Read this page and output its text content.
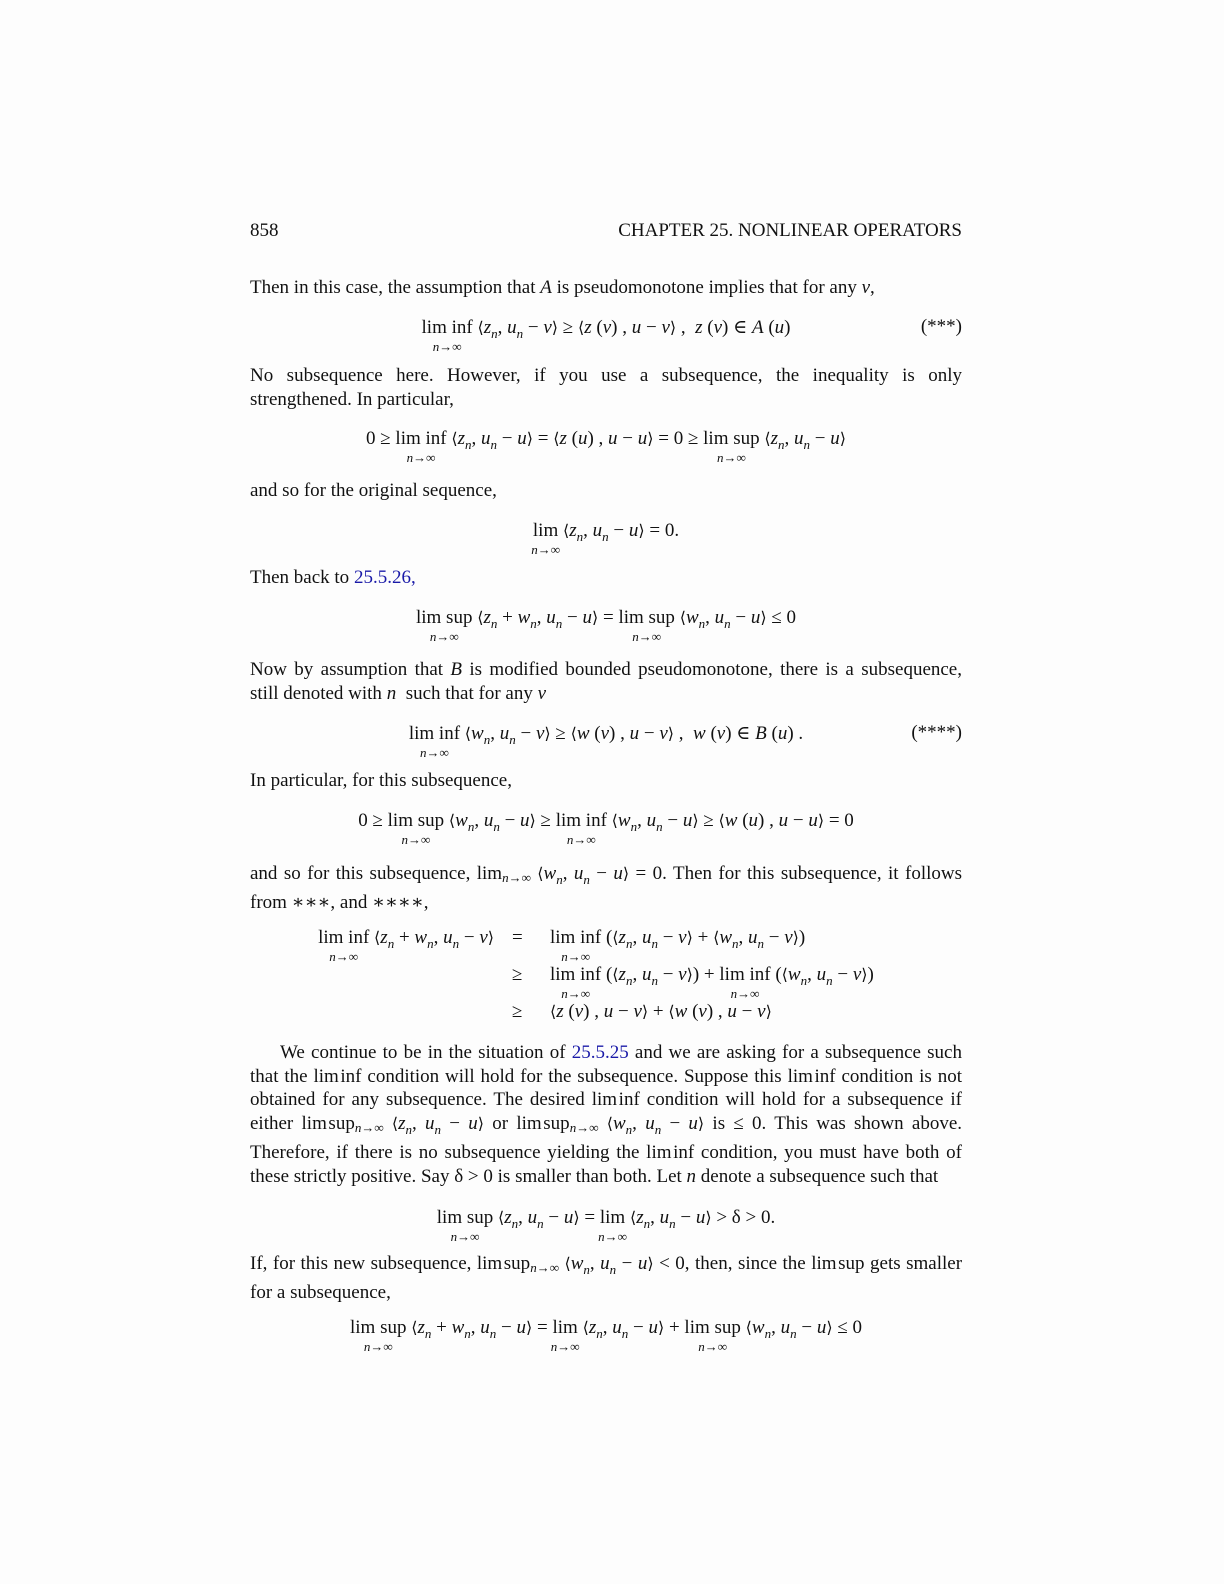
858	CHAPTER 25. NONLINEAR OPERATORS
Then in this case, the assumption that A is pseudomonotone implies that for any v,
lim inf
n→∞
$⟨z_n$, $u_n$ − v⟩ ≥ ⟨z (v) , u − v⟩ ,  z (v) ∈ A (u)	(***)
No subsequence here. However, if you use a subsequence, the inequality is only strengthened. In particular,
0 ≥ lim inf
n→∞
$⟨z_n$, $u_n$ − u⟩ = ⟨z (u) , u − u⟩ = 0 ≥ lim sup
n→∞
$⟨z_n$, $u_n$ − u⟩
and so for the original sequence,
lim
n→∞
$⟨z_n$, $u_n$ − u⟩ = 0.
Then back to 25.5.26,
lim sup
n→∞
$⟨z_n + w_n$, $u_n$ − u⟩ = lim sup
n→∞
$⟨w_n$, $u_n$ − u⟩ ≤ 0
Now by assumption that B is modified bounded pseudomonotone, there is a subsequence, still denoted with n  such that for any v
lim inf
n→∞
$⟨w_n$, $u_n$ − v⟩ ≥ ⟨w (v) , u − v⟩ ,  w (v) ∈ B (u) .	(****)
In particular, for this subsequence,
0 ≥ lim sup
n→∞
$⟨w_n$, $u_n$ − u⟩ ≥ lim inf
n→∞
$⟨w_n$, $u_n$ − u⟩ ≥ ⟨w (u) , u − u⟩ = 0
and so for this subsequence, limn→∞ $⟨w_n$, $u_n$ − u⟩ = 0. Then for this subsequence, it follows from ∗∗∗, and ∗∗∗∗,
lim inf
n→∞
$⟨z_n + w_n$, $u_n$ − v⟩ = lim inf
n→∞
($⟨z_n$, $u_n$ − v⟩ + $⟨w_n$, $u_n$ − v⟩)
≥ lim inf
n→∞
($⟨z_n$, $u_n$ − v⟩) + lim inf
n→∞
($⟨w_n$, $u_n$ − v⟩)
≥ ⟨z (v) , u − v⟩ + ⟨w (v) , u − v⟩
We continue to be in the situation of 25.5.25 and we are asking for a subsequence such that the lim inf condition will hold for the subsequence. Suppose this lim inf condition is not obtained for any subsequence. The desired lim inf condition will hold for a subsequence if either lim supn→∞ $⟨z_n$, $u_n$ − u⟩ or lim supn→∞ $⟨w_n$, $u_n$ − u⟩ is ≤ 0. This was shown above. Therefore, if there is no subsequence yielding the lim inf condition, you must have both of these strictly positive. Say δ > 0 is smaller than both. Let n denote a subsequence such that
lim sup
n→∞
$⟨z_n$, $u_n$ − u⟩ = lim
n→∞
$⟨z_n$, $u_n$ − u⟩ > δ > 0.
If, for this new subsequence, lim supn→∞ $⟨w_n$, $u_n$ − u⟩ < 0, then, since the lim sup gets smaller for a subsequence,
lim sup
n→∞
$⟨z_n + w_n$, $u_n$ − u⟩ = lim
n→∞
$⟨z_n$, $u_n$ − u⟩ + lim sup
n→∞
$⟨w_n$, $u_n$ − u⟩ ≤ 0
